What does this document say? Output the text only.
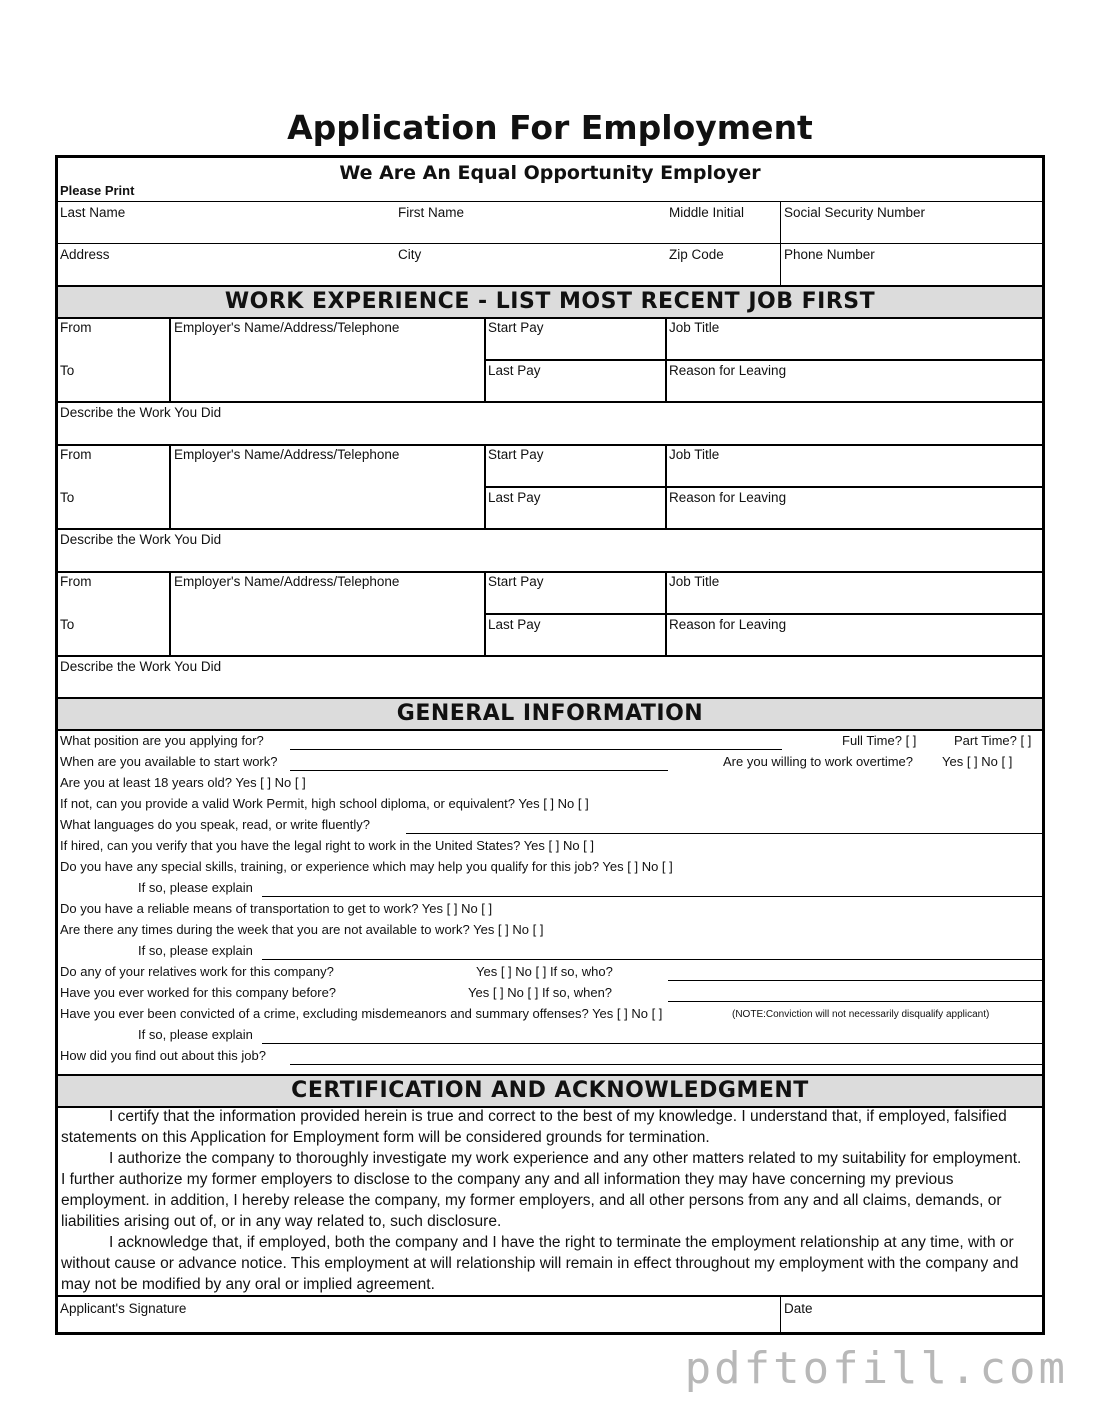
Application For Employment
We Are An Equal Opportunity Employer
Please Print
Last Name	First Name	Middle Initial	Social Security Number
Address	City	Zip Code	Phone Number
WORK EXPERIENCE - LIST MOST RECENT JOB FIRST
From	Employer's Name/Address/Telephone	Start Pay	Job Title
To	Last Pay	Reason for Leaving
Describe the Work You Did
From	Employer's Name/Address/Telephone	Start Pay	Job Title
To	Last Pay	Reason for Leaving
Describe the Work You Did
From	Employer's Name/Address/Telephone	Start Pay	Job Title
To	Last Pay	Reason for Leaving
Describe the Work You Did
GENERAL INFORMATION
What position are you applying for?	Full Time? [ ]	Part Time? [ ]
When are you available to start work?	Are you willing to work overtime? Yes [ ] No [ ]
Are you at least 18 years old? Yes [ ] No [ ]
If not, can you provide a valid Work Permit, high school diploma, or equivalent? Yes [ ] No [ ]
What languages do you speak, read, or write fluently?
If hired, can you verify that you have the legal right to work in the United States? Yes [ ] No [ ]
Do you have any special skills, training, or experience which may help you qualify for this job? Yes [ ] No [ ]
If so, please explain
Do you have a reliable means of transportation to get to work? Yes [ ] No [ ]
Are there any times during the week that you are not available to work? Yes [ ] No [ ]
If so, please explain
Do any of your relatives work for this company?	Yes [ ] No [ ] If so, who?
Have you ever worked for this company before?	Yes [ ] No [ ] If so, when?
Have you ever been convicted of a crime, excluding misdemeanors and summary offenses? Yes [ ] No [ ]	(NOTE:Conviction will not necessarily disqualify applicant)
If so, please explain
How did you find out about this job?
CERTIFICATION AND ACKNOWLEDGMENT

I certify that the information provided herein is true and correct to the best of my knowledge. I understand that, if employed, falsified statements on this Application for Employment form will be considered grounds for termination.

I authorize the company to thoroughly investigate my work experience and any other matters related to my suitability for employment. I further authorize my former employers to disclose to the company any and all information they may have concerning my previous employment. in addition, I hereby release the company, my former employers, and all other persons from any and all claims, demands, or liabilities arising out of, or in any way related to, such disclosure.

I acknowledge that, if employed, both the company and I have the right to terminate the employment relationship at any time, with or without cause or advance notice. This employment at will relationship will remain in effect throughout my employment with the company and may not be modified by any oral or implied agreement.

Applicant's Signature	Date
pdftofill.com
